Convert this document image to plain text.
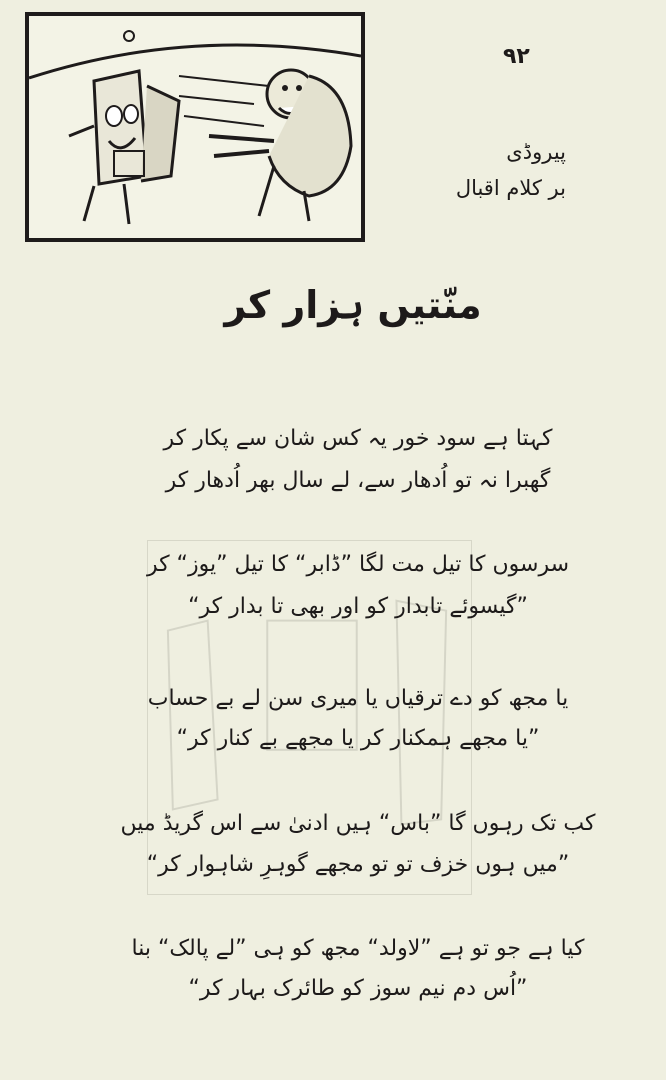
۹۲
پیروڈی
بر کلام اقبال
منّتیں ہزار کر
کہتا ہے سود خور یہ کس شان سے پکار کر
گھبرا نہ تو اُدھار سے، لے سال بھر اُدھار کر
سرسوں کا تیل مت لگا ”ڈابر“ کا تیل ”یوز“ کر
”گیسوئے تابدار کو اور بھی تا بدار کر“
یا مجھ کو دے ترقیاں یا میری سن لے بے حساب
”یا مجھے ہمکنار کر یا مجھے بے کنار کر“
کب تک رہوں گا ”باس“ ہیں ادنیٰ سے اس گریڈ میں
”میں ہوں خزف تو تو مجھے گوہرِ شاہوار کر“
کیا ہے جو تو ہے ”لاولد“ مجھ کو ہی ”لے پالک“ بنا
”اُس دم نیم سوز کو طائرک بہار کر“
